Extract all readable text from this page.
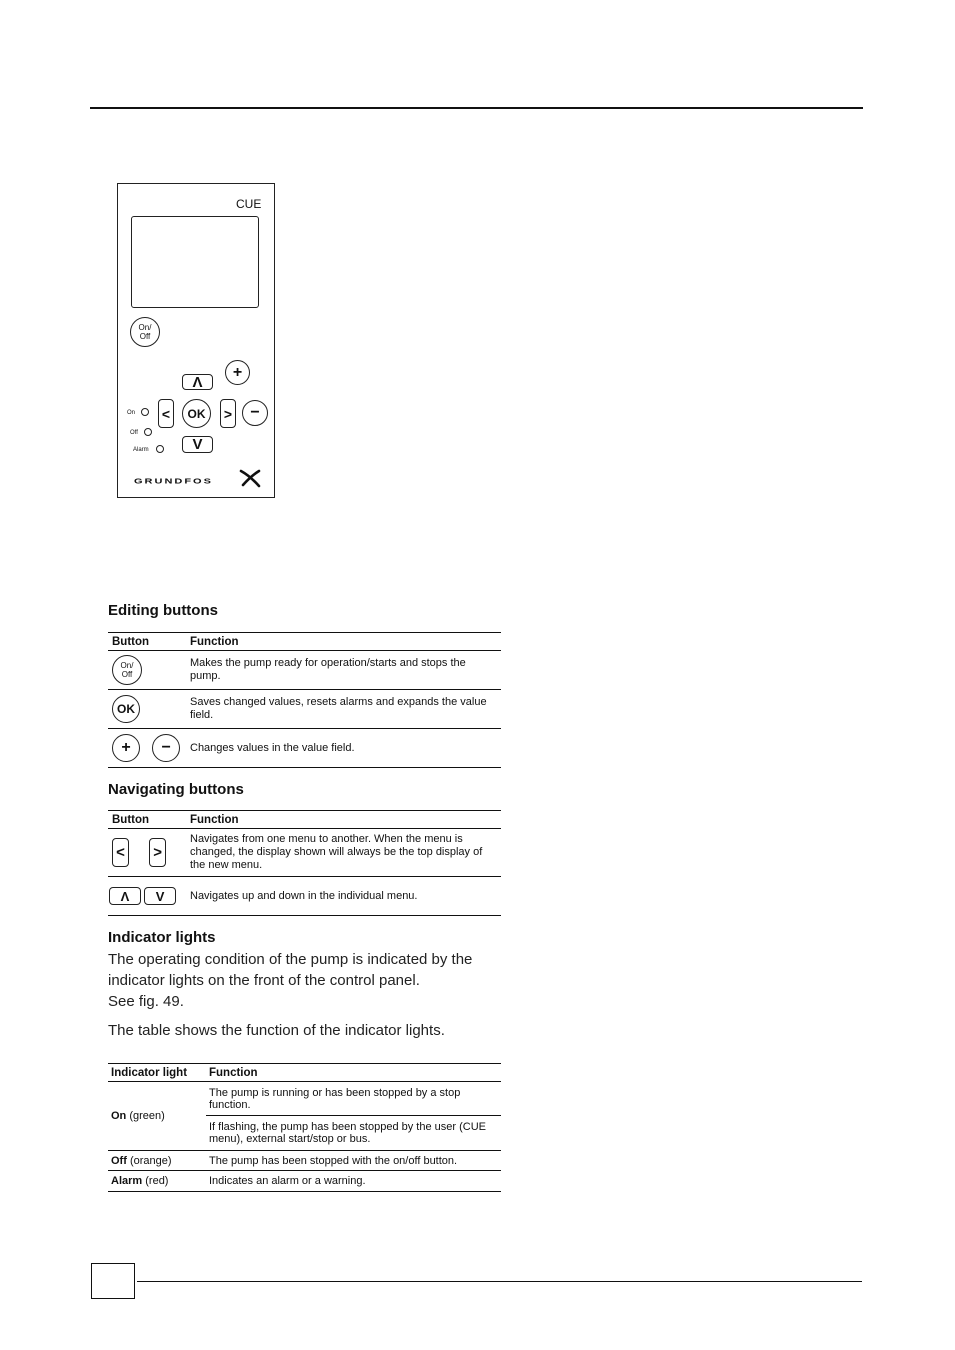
CUE
On/
Off
+
Λ
On < OK > −
Off
V
Alarm
GRUNDFOS
Editing buttons
Button	Function

On/
Off	Makes the pump ready for operation/starts and stops the pump.

OK	Saves changed values, resets alarms and expands the value field.

+
−	Changes values in the value field.
Navigating buttons
Button	Function

<
>	Navigates from one menu to another. When the menu is changed, the display shown will always be the top display of the new menu.

Λ
V	Navigates up and down in the individual menu.
Indicator lights
The operating condition of the pump is indicated by the indicator lights on the front of the control panel.
See fig. 49.
The table shows the function of the indicator lights.
Indicator light	Function
On (green)	The pump is running or has been stopped by a stop function.
	If flashing, the pump has been stopped by the user (CUE menu), external start/stop or bus.
Off (orange)	The pump has been stopped with the on/off button.
Alarm (red)	Indicates an alarm or a warning.
